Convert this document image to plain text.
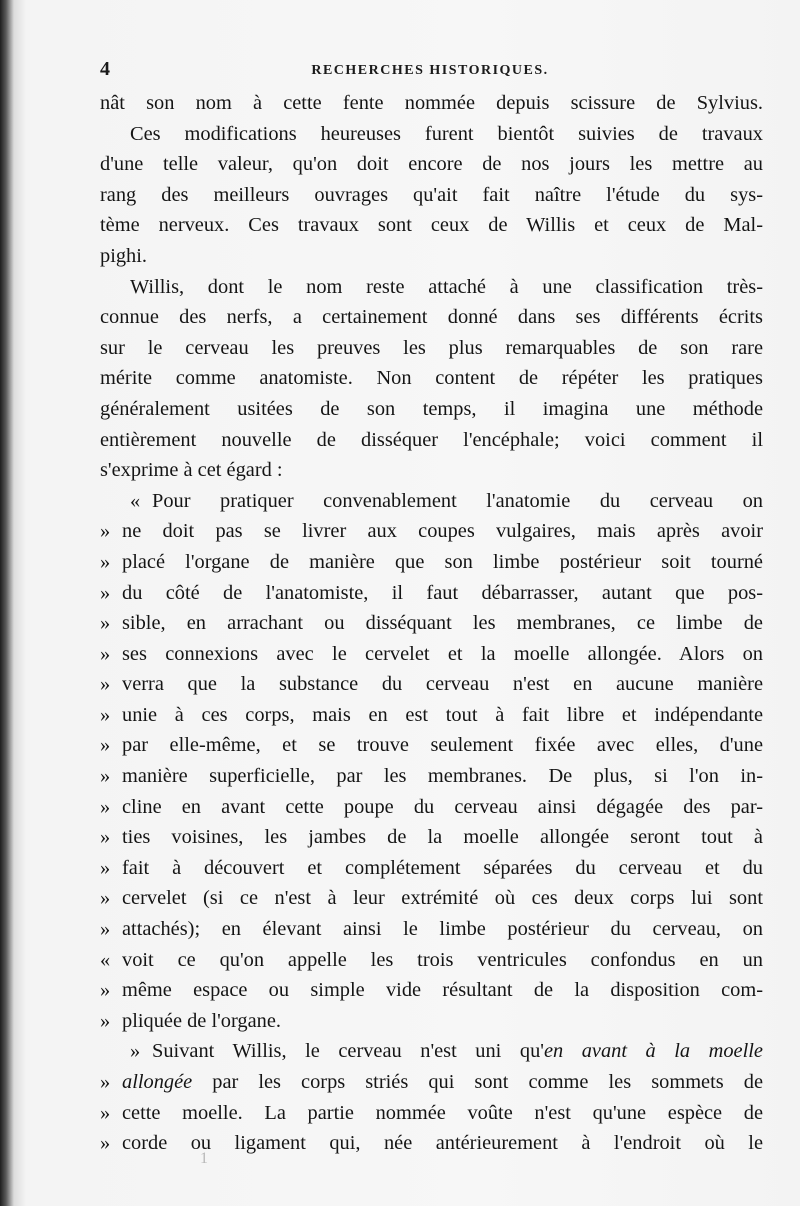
4	RECHERCHES HISTORIQUES.
nât son nom à cette fente nommée depuis scissure de Sylvius.
Ces modifications heureuses furent bientôt suivies de travaux
d'une telle valeur, qu'on doit encore de nos jours les mettre au
rang des meilleurs ouvrages qu'ait fait naître l'étude du sys-
tème nerveux. Ces travaux sont ceux de Willis et ceux de Mal-
pighi.
Willis, dont le nom reste attaché à une classification très-
connue des nerfs, a certainement donné dans ses différents écrits
sur le cerveau les preuves les plus remarquables de son rare
mérite comme anatomiste. Non content de répéter les pratiques
généralement usitées de son temps, il imagina une méthode
entièrement nouvelle de disséquer l'encéphale; voici comment il
s'exprime à cet égard :
« Pour pratiquer convenablement l'anatomie du cerveau on
» ne doit pas se livrer aux coupes vulgaires, mais après avoir
» placé l'organe de manière que son limbe postérieur soit tourné
» du côté de l'anatomiste, il faut débarrasser, autant que pos-
» sible, en arrachant ou disséquant les membranes, ce limbe de
» ses connexions avec le cervelet et la moelle allongée. Alors on
» verra que la substance du cerveau n'est en aucune manière
» unie à ces corps, mais en est tout à fait libre et indépendante
» par elle-même, et se trouve seulement fixée avec elles, d'une
» manière superficielle, par les membranes. De plus, si l'on in-
» cline en avant cette poupe du cerveau ainsi dégagée des par-
» ties voisines, les jambes de la moelle allongée seront tout à
» fait à découvert et complétement séparées du cerveau et du
» cervelet (si ce n'est à leur extrémité où ces deux corps lui sont
» attachés); en élevant ainsi le limbe postérieur du cerveau, on
« voit ce qu'on appelle les trois ventricules confondus en un
» même espace ou simple vide résultant de la disposition com-
» pliquée de l'organe.
» Suivant Willis, le cerveau n'est uni qu'en avant à la moelle
» allongée par les corps striés qui sont comme les sommets de
» cette moelle. La partie nommée voûte n'est qu'une espèce de
» corde ou ligament qui, née antérieurement à l'endroit où le
1
